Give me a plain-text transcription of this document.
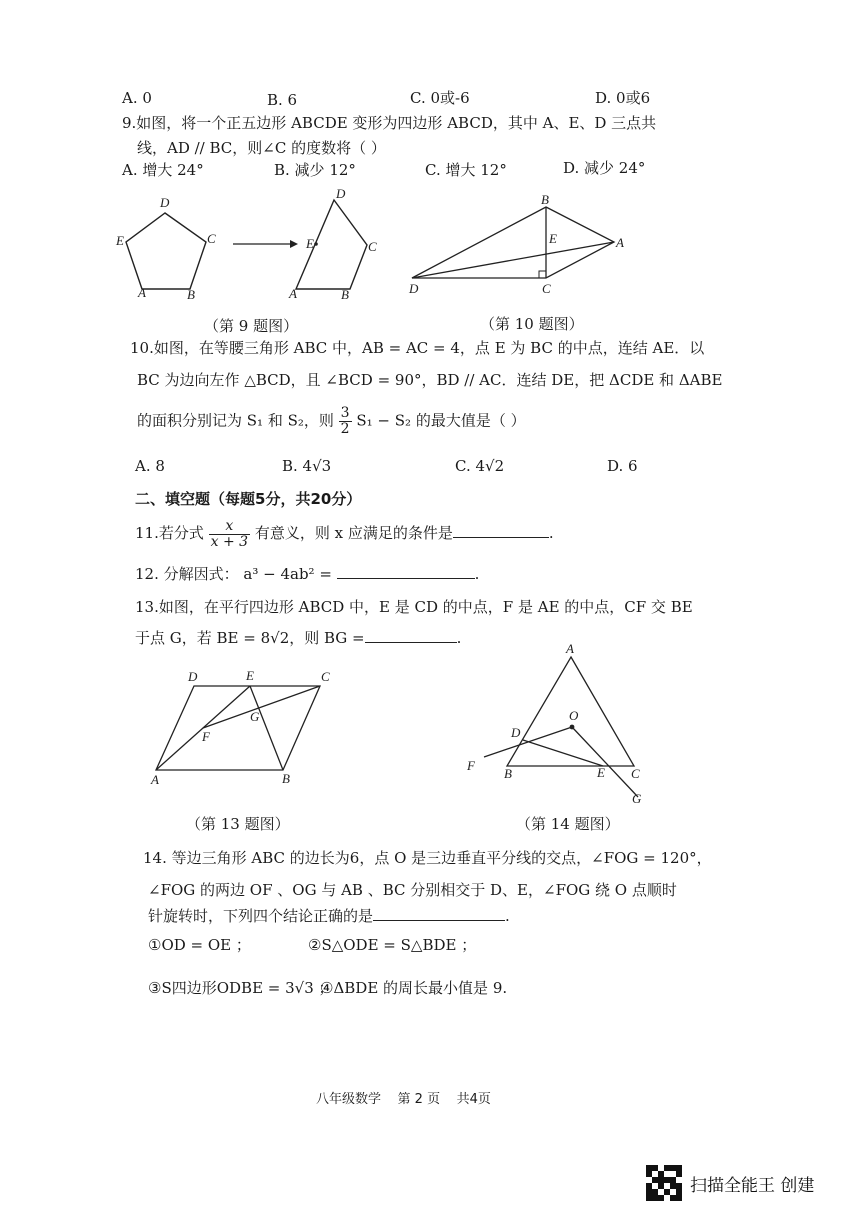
A. 0	B. 6	C. 0或-6	D. 0或6
9.如图，将一个正五边形 ABCDE 变形为四边形 ABCD，其中 A、E、D 三点共
线，AD // BC，则∠C 的度数将（ ）
A. 增大 24°	B. 减少 12°	C. 增大 12°	D. 减少 24°
D
E	C
A	B
D
E	C
A	B
B
E	A
D	C
（第 9 题图）	（第 10 题图）
10.如图，在等腰三角形 ABC 中，AB = AC = 4，点 E 为 BC 的中点，连结 AE．以
BC 为边向左作 △BCD，且 ∠BCD = 90°，BD // AC．连结 DE，把 ΔCDE 和 ΔABE
的面积分别记为 S₁ 和 S₂，则 $\frac{3}{2} S_1 - S_2$ 的最大值是（ ）
A. 8	B. 4√3	C. 4√2	D. 6
二、填空题（每题5分，共20分）
11.若分式 $\frac{x}{x + 3}$ 有意义，则 x 应满足的条件是	.
12. 分解因式： a³ − 4ab² =	.
13.如图，在平行四边形 ABCD 中，E 是 CD 的中点，F 是 AE 的中点，CF 交 BE
于点 G，若 BE = 8√2，则 BG =	.
D	E	C
G
F
A	B
A
O
D
F
B	E C
G
（第 13 题图）	（第 14 题图）
14. 等边三角形 ABC 的边长为6，点 O 是三边垂直平分线的交点，∠FOG = 120°，
∠FOG 的两边 OF 、OG 与 AB 、BC 分别相交于 D、E，∠FOG 绕 O 点顺时
针旋转时，下列四个结论正确的是	.
①OD = OE ；	②S△ODE = S△BDE ；
③S四边形ODBE = 3√3 ；
④ΔBDE 的周长最小值是 9.
八年级数学    第 2 页    共4页
扫描全能王 创建
